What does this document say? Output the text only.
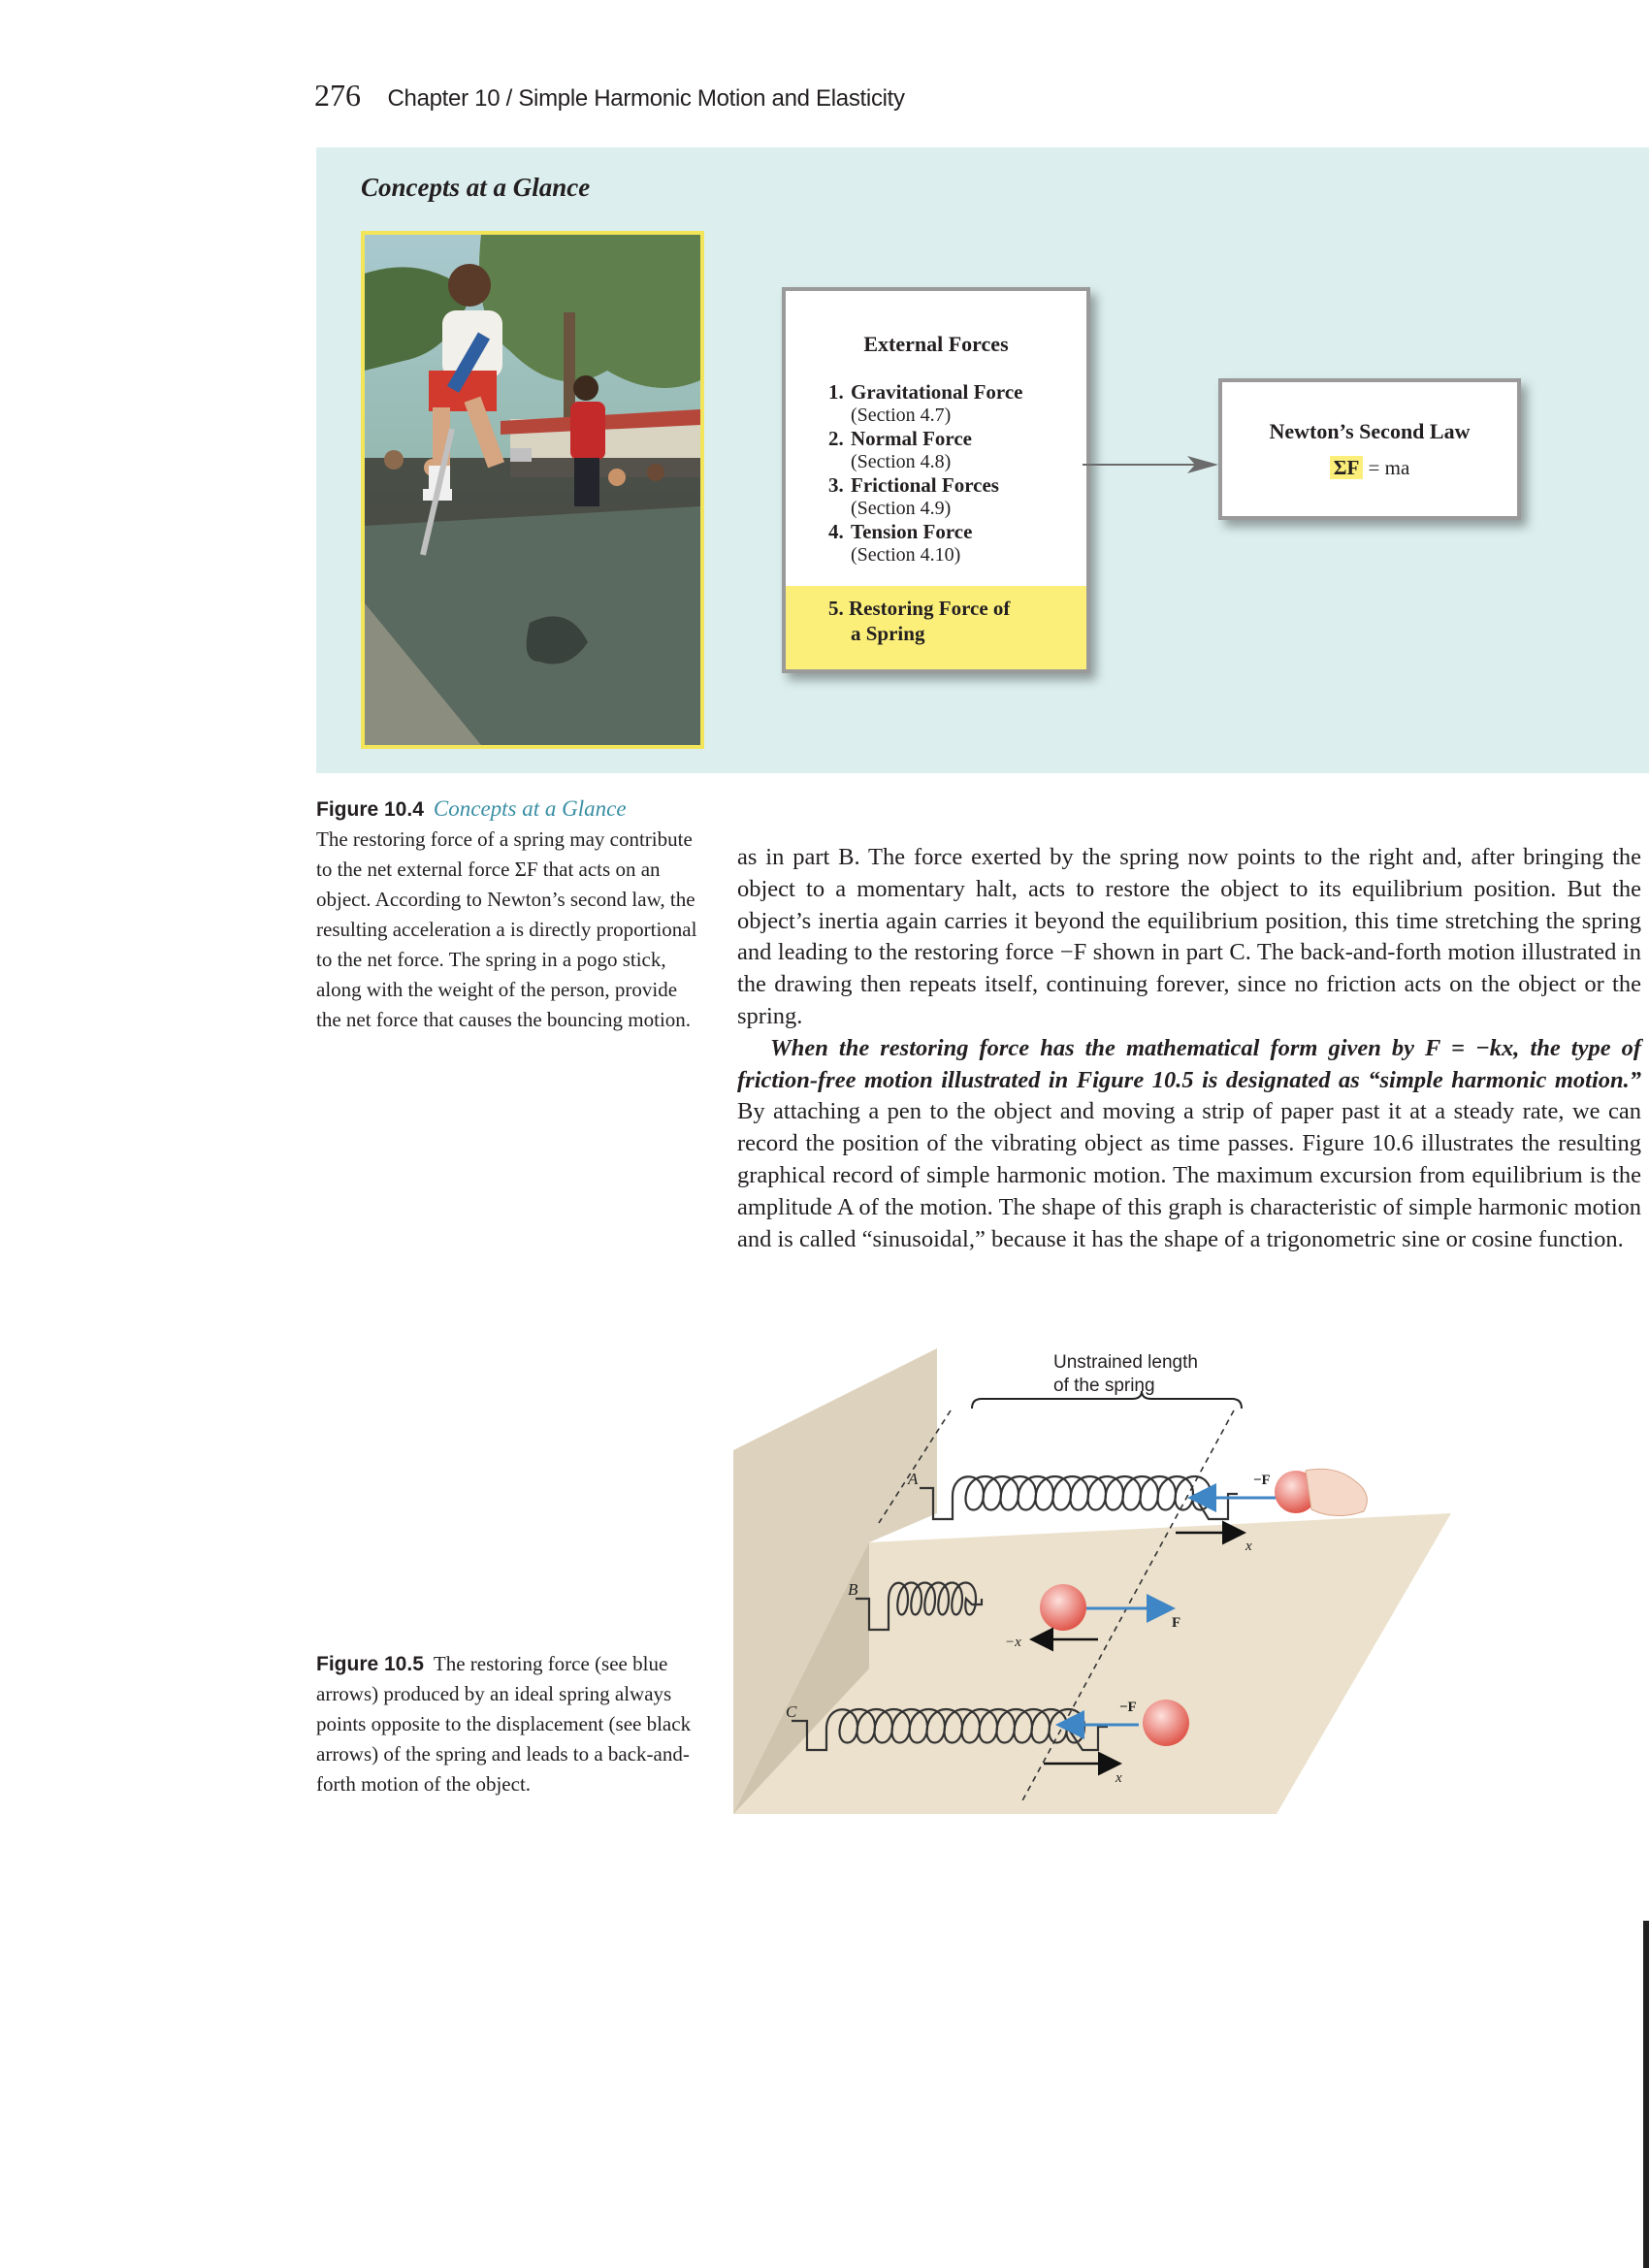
276 Chapter 10 / Simple Harmonic Motion and Elasticity
Concepts at a Glance
External Forces
1. Gravitational Force
(Section 4.7)
2. Normal Force
(Section 4.8)
3. Frictional Forces
(Section 4.9)
4. Tension Force
(Section 4.10)
5. Restoring Force of
a Spring
Newton’s Second Law
ΣF = ma
Figure 10.4 Concepts at a Glance
The restoring force of a spring may contribute to the net external force ΣF that acts on an object. According to Newton’s second law, the resulting acceleration a is directly proportional to the net force. The spring in a pogo stick, along with the weight of the person, provide the net force that causes the bouncing motion.

as in part B. The force exerted by the spring now points to the right and, after bringing the object to a momentary halt, acts to restore the object to its equilibrium position. But the object’s inertia again carries it beyond the equilibrium position, this time stretching the spring and leading to the restoring force −F shown in part C. The back-and-forth motion illustrated in the drawing then repeats itself, continuing forever, since no friction acts on the object or the spring.

When the restoring force has the mathematical form given by F = −kx, the type of friction-free motion illustrated in Figure 10.5 is designated as “simple harmonic motion.” By attaching a pen to the object and moving a strip of paper past it at a steady rate, we can record the position of the vibrating object as time passes. Figure 10.6 illustrates the resulting graphical record of simple harmonic motion. The maximum excursion from equilibrium is the amplitude A of the motion. The shape of this graph is characteristic of simple harmonic motion and is called “sinusoidal,” because it has the shape of a trigonometric sine or cosine function.

Unstrained length
of the spring
A	−F
x
B
F
−x
C	−F
x
Figure 10.5 The restoring force (see blue arrows) produced by an ideal spring always points opposite to the displacement (see black arrows) of the spring and leads to a back-and-forth motion of the object.
